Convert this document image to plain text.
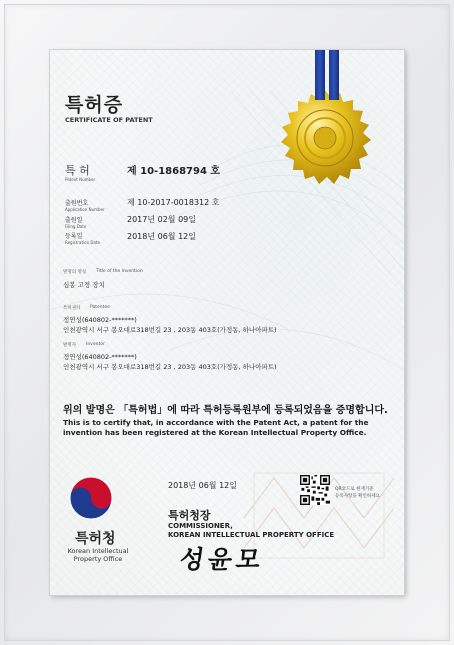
특허증
CERTIFICATE OF PATENT
특 허
Patent Number
제 10-1868794 호
출원번호
Application Number
제 10-2017-0018312 호
출원일
Filing Date
2017년 02월 09일
등록일
Registration Date
2018년 06월 12일
발명의 명칭 Title of the Invention
심봉 고정 장치
특허권자 Patentee
정연성(640802-*******)
인천광역시 서구 봉오대로318번길 23 , 203동 403호(가정동, 하나아파트)
발명자 Inventor
정연성(640802-*******)
인천광역시 서구 봉오대로318번길 23 , 203동 403호(가정동, 하나아파트)
위의 발명은 「특허법」에 따라 특허등록원부에 등록되었음을 증명합니다.
This is to certify that, in accordance with the Patent Act, a patent for the invention has been registered at the Korean Intellectual Property Office.
2018년 06월 12일
특허청장
COMMISSIONER,
KOREAN INTELLECTUAL PROPERTY OFFICE
성윤모
QR코드로 현재기준
등록사항을 확인하세요
특허청
Korean Intellectual Property Office
